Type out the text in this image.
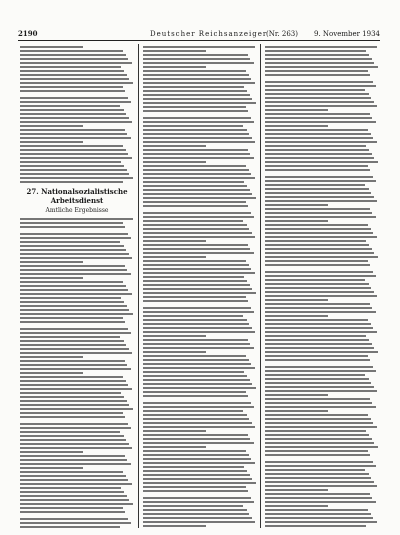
2190	Deutscher Reichsanzeiger
(Nr. 263) 9. November 1934
27. Nationalsozialistische Arbeitsdienst
Amtliche Ergebnisse
